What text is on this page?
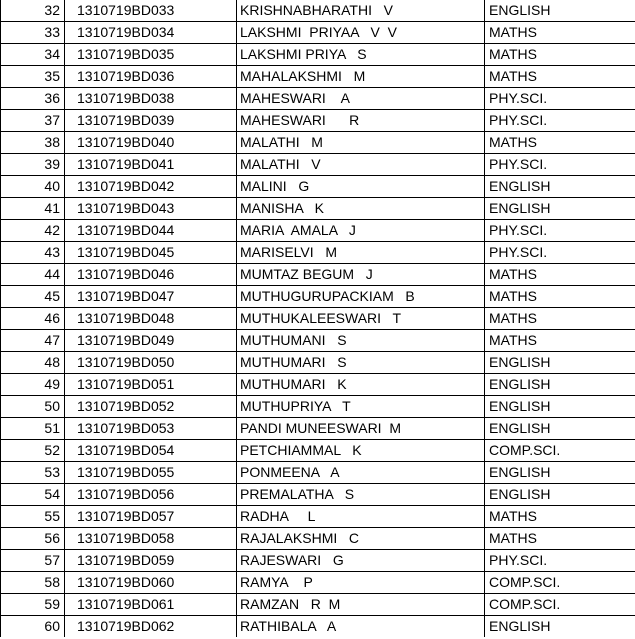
32	1310719BD033	KRISHNABHARATHI   V	ENGLISH
33	1310719BD034	LAKSHMI  PRIYAA   V  V	MATHS
34	1310719BD035	LAKSHMI PRIYA   S	MATHS
35	1310719BD036	MAHALAKSHMI   M	MATHS
36	1310719BD038	MAHESWARI    A	PHY.SCI.
37	1310719BD039	MAHESWARI      R	PHY.SCI.
38	1310719BD040	MALATHI   M	MATHS
39	1310719BD041	MALATHI   V	PHY.SCI.
40	1310719BD042	MALINI   G	ENGLISH
41	1310719BD043	MANISHA   K	ENGLISH
42	1310719BD044	MARIA  AMALA   J	PHY.SCI.
43	1310719BD045	MARISELVI   M	PHY.SCI.
44	1310719BD046	MUMTAZ BEGUM   J	MATHS
45	1310719BD047	MUTHUGURUPACKIAM   B	MATHS
46	1310719BD048	MUTHUKALEESWARI   T	MATHS
47	1310719BD049	MUTHUMANI   S	MATHS
48	1310719BD050	MUTHUMARI   S	ENGLISH
49	1310719BD051	MUTHUMARI   K	ENGLISH
50	1310719BD052	MUTHUPRIYA   T	ENGLISH
51	1310719BD053	PANDI MUNEESWARI  M	ENGLISH
52	1310719BD054	PETCHIAMMAL   K	COMP.SCI.
53	1310719BD055	PONMEENA   A	ENGLISH
54	1310719BD056	PREMALATHA   S	ENGLISH
55	1310719BD057	RADHA     L	MATHS
56	1310719BD058	RAJALAKSHMI   C	MATHS
57	1310719BD059	RAJESWARI   G	PHY.SCI.
58	1310719BD060	RAMYA    P	COMP.SCI.
59	1310719BD061	RAMZAN   R  M	COMP.SCI.
60	1310719BD062	RATHIBALA   A	ENGLISH
